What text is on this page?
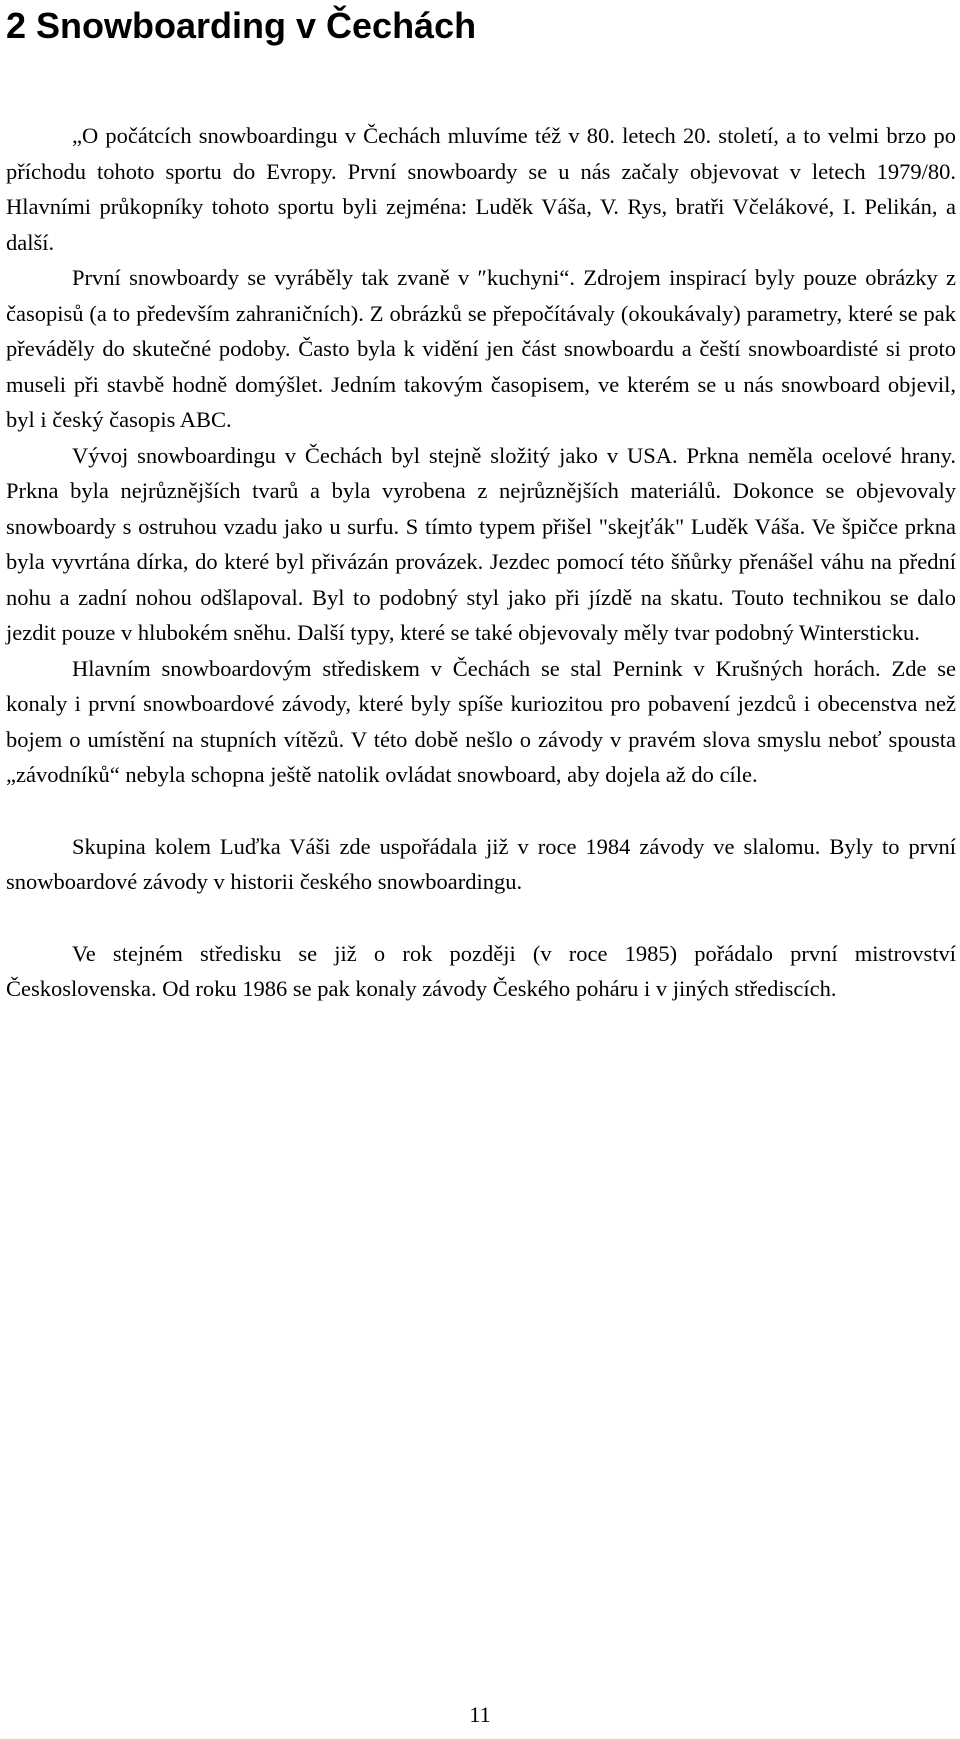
2 Snowboarding v Čechách

„O počátcích snowboardingu v Čechách mluvíme též v 80. letech 20. století, a to velmi brzo po příchodu tohoto sportu do Evropy. První snowboardy se u nás začaly objevovat v letech 1979/80. Hlavními průkopníky tohoto sportu byli zejména: Luděk Váša, V. Rys, bratři Včelákové, I. Pelikán, a další.

První snowboardy se vyráběly tak zvaně v ″kuchyni“. Zdrojem inspirací byly pouze obrázky z časopisů (a to především zahraničních). Z obrázků se přepočítávaly (okoukávaly) parametry, které se pak převáděly do skutečné podoby. Často byla k vidění jen část snowboardu a čeští snowboardisté si proto museli při stavbě hodně domýšlet. Jedním takovým časopisem, ve kterém se u nás snowboard objevil, byl i český časopis ABC.

Vývoj snowboardingu v Čechách byl stejně složitý jako v USA. Prkna neměla ocelové hrany. Prkna byla nejrůznějších tvarů a byla vyrobena z nejrůznějších materiálů. Dokonce se objevovaly snowboardy s ostruhou vzadu jako u surfu. S tímto typem přišel "skejťák" Luděk Váša. Ve špičce prkna byla vyvrtána dírka, do které byl přivázán provázek. Jezdec pomocí této šňůrky přenášel váhu na přední nohu a zadní nohou odšlapoval. Byl to podobný styl jako při jízdě na skatu. Touto technikou se dalo jezdit pouze v hlubokém sněhu. Další typy, které se také objevovaly měly tvar podobný Wintersticku.

Hlavním snowboardovým střediskem v Čechách se stal Pernink v Krušných horách. Zde se konaly i první snowboardové závody, které byly spíše kuriozitou pro pobavení jezdců i obecenstva než bojem o umístění na stupních vítězů. V této době nešlo o závody v pravém slova smyslu neboť spousta „závodníků“ nebyla schopna ještě natolik ovládat snowboard, aby dojela až do cíle.

Skupina kolem Luďka Váši zde uspořádala již v roce 1984 závody ve slalomu. Byly to první snowboardové závody v historii českého snowboardingu.

Ve stejném středisku se již o rok později (v roce 1985) pořádalo první mistrovství Československa. Od roku 1986 se pak konaly závody Českého poháru i v jiných střediscích.

11
